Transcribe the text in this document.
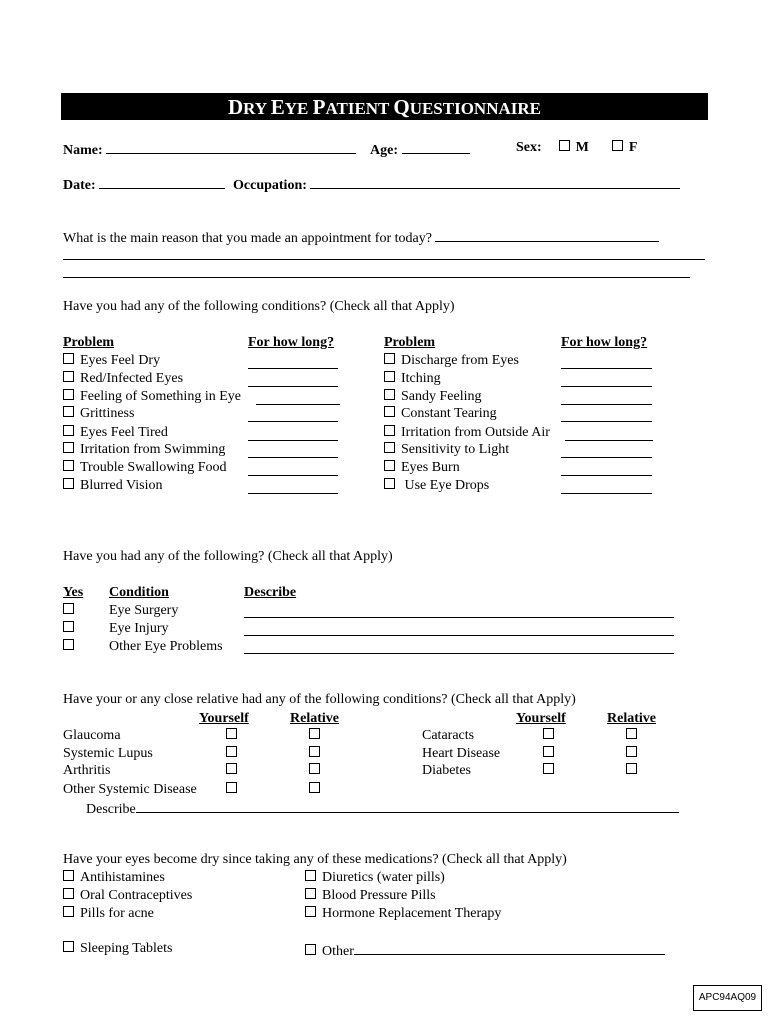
DRY EYE PATIENT QUESTIONNAIRE
Name:	Age:	Sex: M	F
Date:	Occupation:
What is the main reason that you made an appointment for today?
Have you had any of the following conditions? (Check all that Apply)
Problem	For how long?	Problem	For how long?
Eyes Feel Dry
Red/Infected Eyes
Feeling of Something in Eye
Grittiness
Eyes Feel Tired
Irritation from Swimming
Trouble Swallowing Food
Blurred Vision
Discharge from Eyes
Itching
Sandy Feeling
Constant Tearing
Irritation from Outside Air
Sensitivity to Light
Eyes Burn
Use Eye Drops
Have you had any of the following? (Check all that Apply)
Yes Condition	Describe
Eye Surgery
Eye Injury
Other Eye Problems
Have your or any close relative had any of the following conditions? (Check all that Apply)
Yourself	Relative	Yourself	Relative
Glaucoma
Systemic Lupus
Arthritis
Other Systemic Disease
Cataracts
Heart Disease
Diabetes
Describe
Have your eyes become dry since taking any of these medications? (Check all that Apply)
Antihistamines
Oral Contraceptives
Pills for acne
Diuretics (water pills)
Blood Pressure Pills
Hormone Replacement Therapy
Sleeping Tablets	Other
APC94AQ09
